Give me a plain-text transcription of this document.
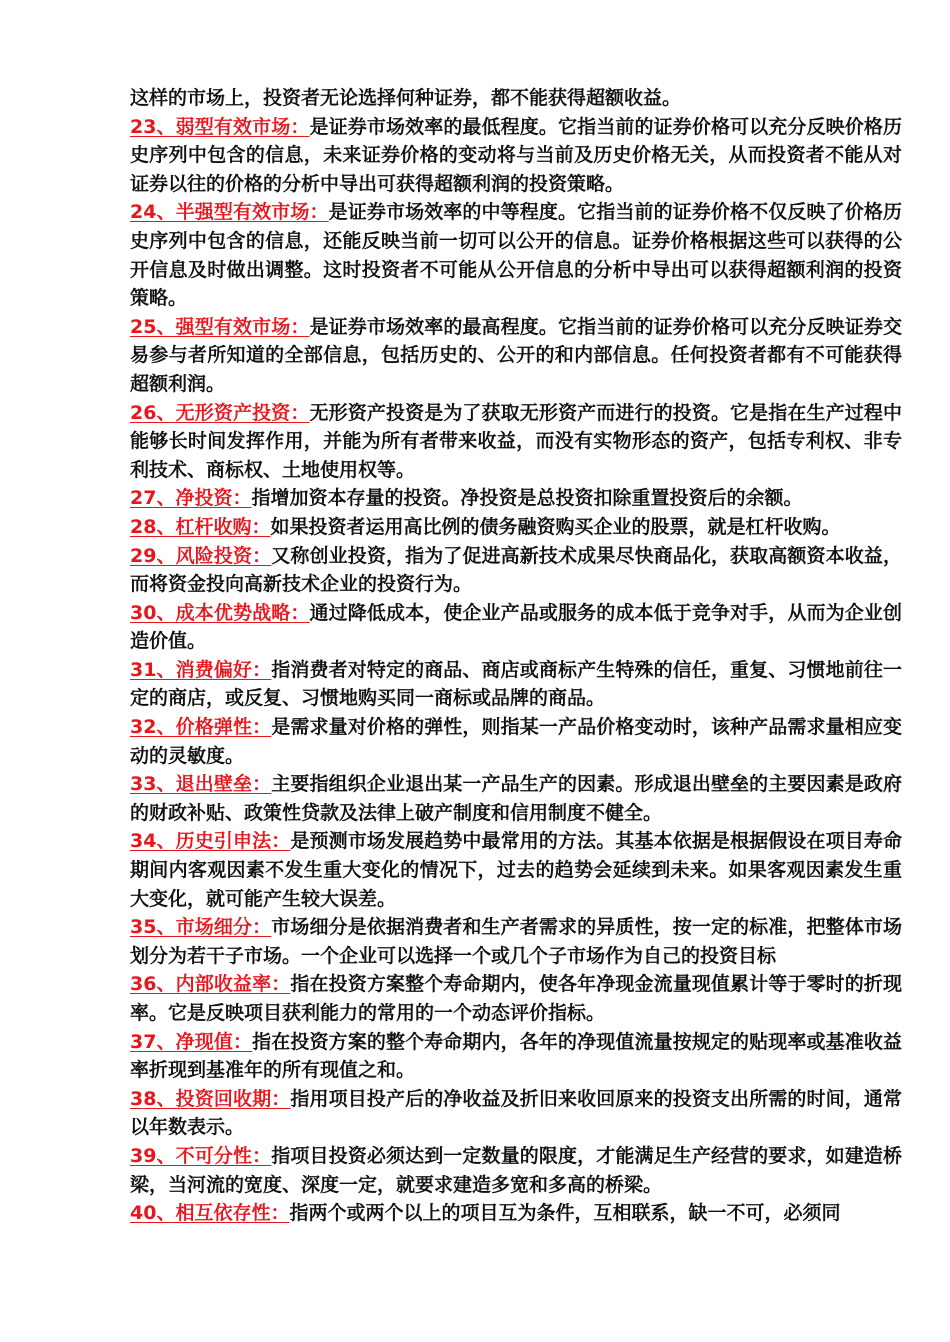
这样的市场上，投资者无论选择何种证券，都不能获得超额收益。

23、弱型有效市场：是证券市场效率的最低程度。它指当前的证券价格可以充分反映价格历史序列中包含的信息，未来证券价格的变动将与当前及历史价格无关，从而投资者不能从对证券以往的价格的分析中导出可获得超额利润的投资策略。

24、半强型有效市场：是证券市场效率的中等程度。它指当前的证券价格不仅反映了价格历史序列中包含的信息，还能反映当前一切可以公开的信息。证券价格根据这些可以获得的公开信息及时做出调整。这时投资者不可能从公开信息的分析中导出可以获得超额利润的投资策略。

25、强型有效市场：是证券市场效率的最高程度。它指当前的证券价格可以充分反映证券交易参与者所知道的全部信息，包括历史的、公开的和内部信息。任何投资者都有不可能获得超额利润。

26、无形资产投资：无形资产投资是为了获取无形资产而进行的投资。它是指在生产过程中能够长时间发挥作用，并能为所有者带来收益，而没有实物形态的资产，包括专利权、非专利技术、商标权、土地使用权等。

27、净投资：指增加资本存量的投资。净投资是总投资扣除重置投资后的余额。

28、杠杆收购：如果投资者运用高比例的债务融资购买企业的股票，就是杠杆收购。

29、风险投资：又称创业投资，指为了促进高新技术成果尽快商品化，获取高额资本收益，而将资金投向高新技术企业的投资行为。

30、成本优势战略：通过降低成本，使企业产品或服务的成本低于竞争对手，从而为企业创造价值。

31、消费偏好：指消费者对特定的商品、商店或商标产生特殊的信任，重复、习惯地前往一定的商店，或反复、习惯地购买同一商标或品牌的商品。

32、价格弹性：是需求量对价格的弹性，则指某一产品价格变动时，该种产品需求量相应变动的灵敏度。

33、退出壁垒：主要指组织企业退出某一产品生产的因素。形成退出壁垒的主要因素是政府的财政补贴、政策性贷款及法律上破产制度和信用制度不健全。

34、历史引申法：是预测市场发展趋势中最常用的方法。其基本依据是根据假设在项目寿命期间内客观因素不发生重大变化的情况下，过去的趋势会延续到未来。如果客观因素发生重大变化，就可能产生较大误差。

35、市场细分：市场细分是依据消费者和生产者需求的异质性，按一定的标准，把整体市场划分为若干子市场。一个企业可以选择一个或几个子市场作为自己的投资目标

36、内部收益率：指在投资方案整个寿命期内，使各年净现金流量现值累计等于零时的折现率。它是反映项目获利能力的常用的一个动态评价指标。

37、净现值：指在投资方案的整个寿命期内，各年的净现值流量按规定的贴现率或基准收益率折现到基准年的所有现值之和。

38、投资回收期：指用项目投产后的净收益及折旧来收回原来的投资支出所需的时间，通常以年数表示。

39、不可分性：指项目投资必须达到一定数量的限度，才能满足生产经营的要求，如建造桥梁，当河流的宽度、深度一定，就要求建造多宽和多高的桥梁。

40、相互依存性：指两个或两个以上的项目互为条件，互相联系，缺一不可，必须同
